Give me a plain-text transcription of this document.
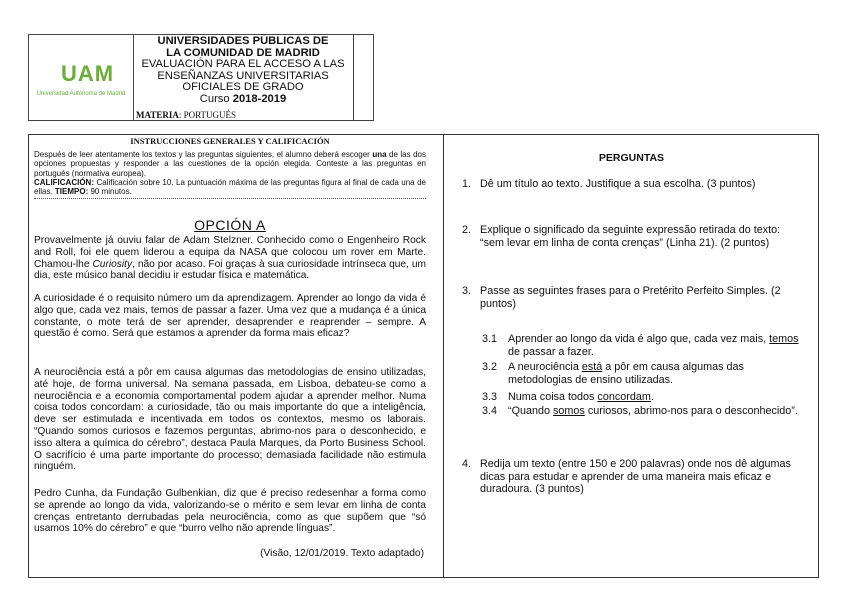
UAM
Universidad Autónoma de Madrid
UNIVERSIDADES PÚBLICAS DE
LA COMUNIDAD DE MADRID
EVALUACIÓN PARA EL ACCESO A LAS
ENSEÑANZAS UNIVERSITARIAS
OFICIALES DE GRADO
Curso 2018-2019
MATERIA: PORTUGUÉS
INSTRUCCIONES GENERALES Y CALIFICACIÓN
Después de leer atentamente los textos y las preguntas siguientes, el alumno deberá escoger una de las dos opciones propuestas y responder a las cuestiones de la opción elegida. Conteste a las preguntas en portugués (normativa europea).
CALIFICACIÓN: Calificación sobre 10. La puntuación máxima de las preguntas figura al final de cada una de ellas. TIEMPO: 90 minutos.
OPCIÓN A
Provavelmente já ouviu falar de Adam Stelzner. Conhecido como o Engenheiro Rock and Roll, foi ele quem liderou a equipa da NASA que colocou um rover em Marte. Chamou-lhe Curiosity, não por acaso. Foi graças à sua curiosidade intrínseca que, um dia, este músico banal decidiu ir estudar física e matemática.
A curiosidade é o requisito número um da aprendizagem. Aprender ao longo da vida é algo que, cada vez mais, temos de passar a fazer. Uma vez que a mudança é a única constante, o mote terá de ser aprender, desaprender e reaprender – sempre. A questão é como. Será que estamos a aprender da forma mais eficaz?
A neurociência está a pôr em causa algumas das metodologias de ensino utilizadas, até hoje, de forma universal. Na semana passada, em Lisboa, debateu-se como a neurociência e a economia comportamental podem ajudar a aprender melhor. Numa coisa todos concordam: a curiosidade, tão ou mais importante do que a inteligência, deve ser estimulada e incentivada em todos os contextos, mesmo os laborais. “Quando somos curiosos e fazemos perguntas, abrimo-nos para o desconhecido, e isso altera a química do cérebro”, destaca Paula Marques, da Porto Business School. O sacrifício é uma parte importante do processo; demasiada facilidade não estimula ninguém.
Pedro Cunha, da Fundação Gulbenkian, diz que é preciso redesenhar a forma como se aprende ao longo da vida, valorizando-se o mérito e sem levar em linha de conta crenças entretanto derrubadas pela neurociência, como as que supõem que “só usamos 10% do cérebro” e que “burro velho não aprende línguas”.
(Visão, 12/01/2019. Texto adaptado)
PERGUNTAS
1. Dê um título ao texto. Justifique a sua escolha. (3 puntos)
2. Explique o significado da seguinte expressão retirada do texto: “sem levar em linha de conta crenças” (Linha 21). (2 puntos)
3. Passe as seguintes frases para o Pretérito Perfeito Simples. (2 puntos)
3.1 Aprender ao longo da vida é algo que, cada vez mais, temos de passar a fazer.
3.2 A neurociência está a pôr em causa algumas das metodologias de ensino utilizadas.
3.3 Numa coisa todos concordam.
3.4 “Quando somos curiosos, abrimo-nos para o desconhecido”.
4. Redija um texto (entre 150 e 200 palavras) onde nos dê algumas dicas para estudar e aprender de uma maneira mais eficaz e duradoura. (3 puntos)
